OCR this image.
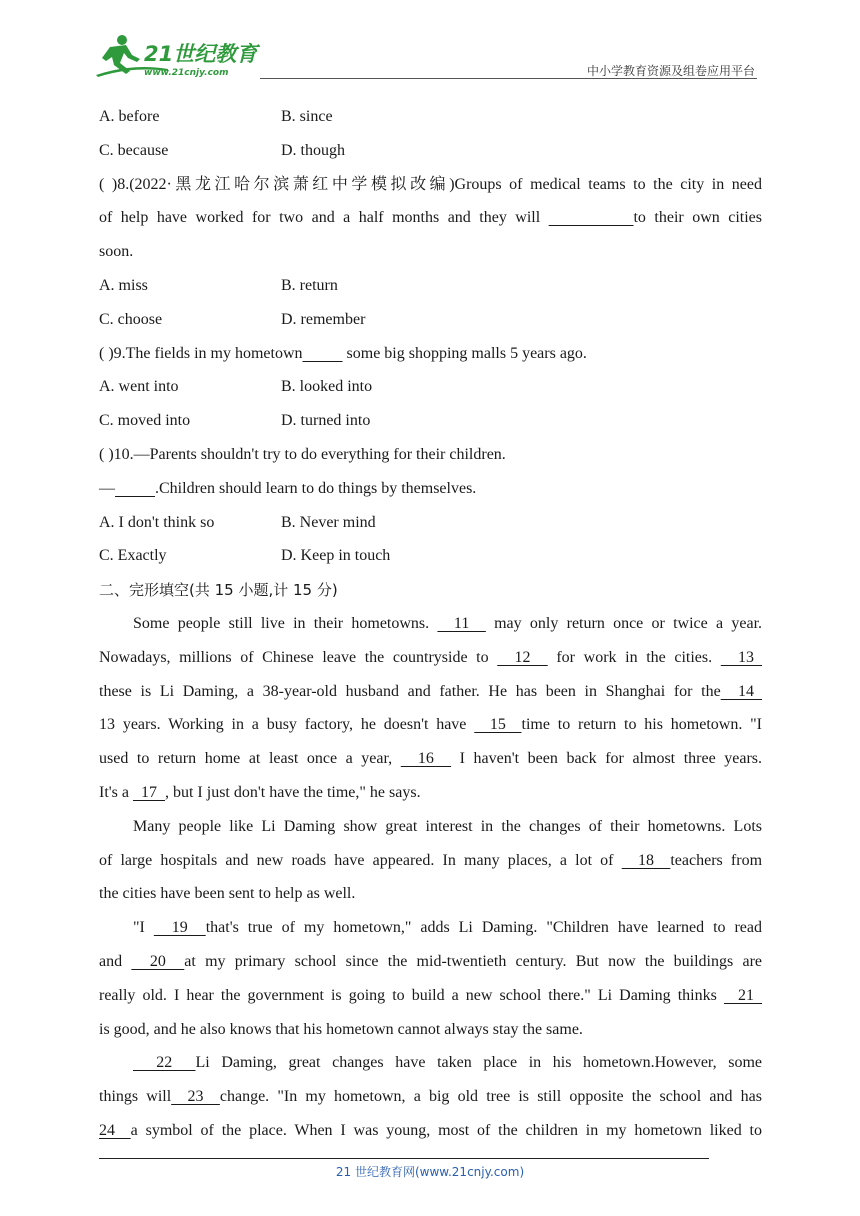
21世纪教育
www.21cnjy.com	中小学教育资源及组卷应用平台
A. before	B. since
C. because	D. though
( )8.(2022·黑龙江哈尔滨萧红中学模拟改编)Groups of medical teams to the city in need
of help have worked for two and a half months and they will	to their own cities
soon.
A. miss	B. return
C. choose	D. remember
( )9.The fields in my hometown	some big shopping malls 5 years ago.
A. went into	B. looked into
C. moved into	D. turned into
( )10.—Parents shouldn't try to do everything for their children.
—	.Children should learn to do things by themselves.
A. I don't think so	B. Never mind
C. Exactly	D. Keep in touch
二、完形填空(共 15 小题,计 15 分)
Some people still live in their hometowns.   11   may only return once or twice a year.
Nowadays, millions of Chinese leave the countryside to   12   for work in the cities.   13
these is Li Daming, a 38-year-old husband and father. He has been in Shanghai for the  14
13 years. Working in a busy factory, he doesn't have   15  time to return to his hometown. "I
used to return home at least once a year,   16   I haven't been back for almost three years.
It's a   17  , but I just don't have the time," he says.
Many people like Li Daming show great interest in the changes of their hometowns. Lots
of large hospitals and new roads have appeared. In many places, a lot of   18  teachers from
the cities have been sent to help as well.
"I   19  that's true of my hometown," adds Li Daming. "Children have learned to read
and   20  at my primary school since the mid-twentieth century. But now the buildings are
really old. I hear the government is going to build a new school there." Li Daming thinks   21
is good, and he also knows that his hometown cannot always stay the same.
22  Li Daming, great changes have taken place in his hometown.However, some
things will  23  change. "In my hometown, a big old tree is still opposite the school and has
24  a symbol of the place. When I was young, most of the children in my hometown liked to
21 世纪教育网(www.21cnjy.com)
